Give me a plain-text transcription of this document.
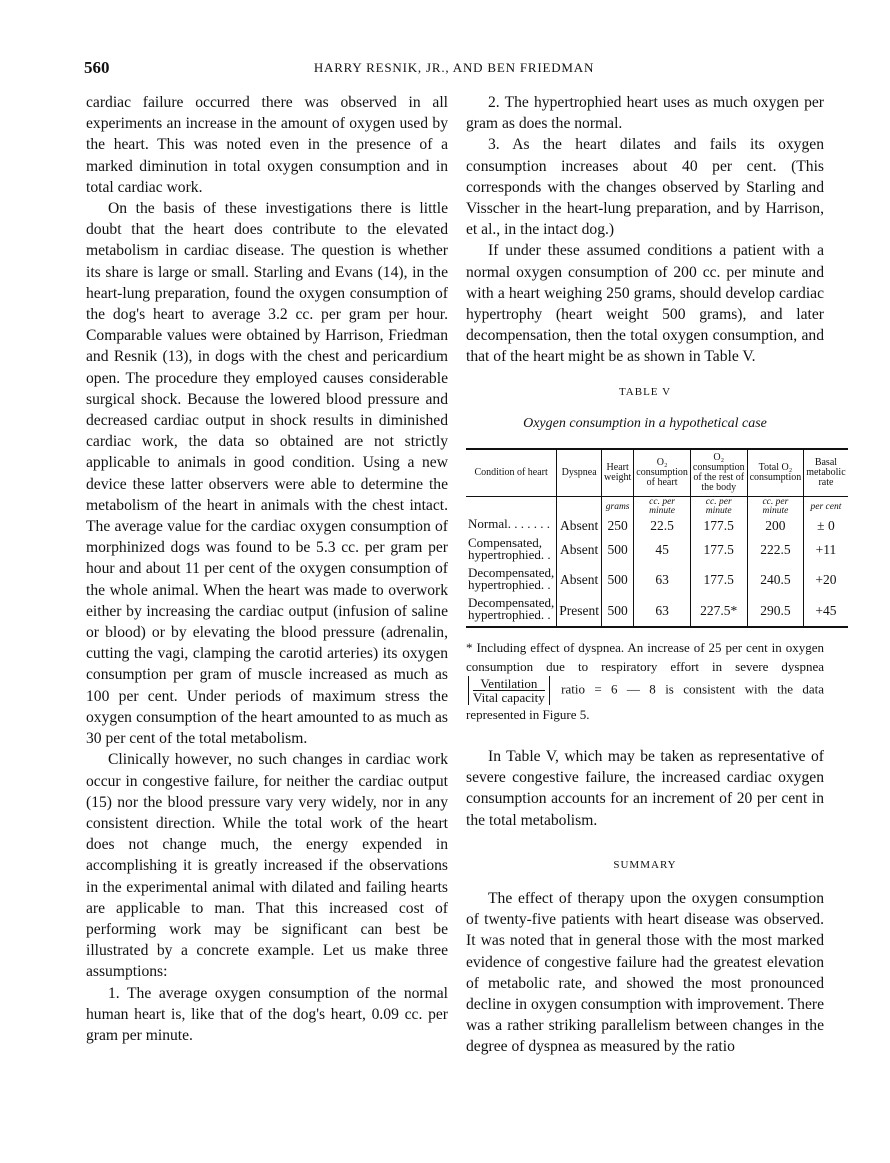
560	HARRY RESNIK, JR., AND BEN FRIEDMAN

cardiac failure occurred there was observed in all experiments an increase in the amount of oxygen used by the heart. This was noted even in the presence of a marked diminution in total oxygen consumption and in total cardiac work.

On the basis of these investigations there is little doubt that the heart does contribute to the elevated metabolism in cardiac disease. The question is whether its share is large or small. Starling and Evans (14), in the heart-lung preparation, found the oxygen consumption of the dog's heart to average 3.2 cc. per gram per hour. Comparable values were obtained by Harrison, Friedman and Resnik (13), in dogs with the chest and pericardium open. The procedure they employed causes considerable surgical shock. Because the lowered blood pressure and decreased cardiac output in shock results in diminished cardiac work, the data so obtained are not strictly applicable to animals in good condition. Using a new device these latter observers were able to determine the metabolism of the heart in animals with the chest intact. The average value for the cardiac oxygen consumption of morphinized dogs was found to be 5.3 cc. per gram per hour and about 11 per cent of the oxygen consumption of the whole animal. When the heart was made to overwork either by increasing the cardiac output (infusion of saline or blood) or by elevating the blood pressure (adrenalin, cutting the vagi, clamping the carotid arteries) its oxygen consumption per gram of muscle increased as much as 100 per cent. Under periods of maximum stress the oxygen consumption of the heart amounted to as much as 30 per cent of the total metabolism.

Clinically however, no such changes in cardiac work occur in congestive failure, for neither the cardiac output (15) nor the blood pressure vary very widely, nor in any consistent direction. While the total work of the heart does not change much, the energy expended in accomplishing it is greatly increased if the observations in the experimental animal with dilated and failing hearts are applicable to man. That this increased cost of performing work may be significant can best be illustrated by a concrete example. Let us make three assumptions:

1. The average oxygen consumption of the normal human heart is, like that of the dog's heart, 0.09 cc. per gram per minute.

2. The hypertrophied heart uses as much oxygen per gram as does the normal.

3. As the heart dilates and fails its oxygen consumption increases about 40 per cent. (This corresponds with the changes observed by Starling and Visscher in the heart-lung preparation, and by Harrison, et al., in the intact dog.)

If under these assumed conditions a patient with a normal oxygen consumption of 200 cc. per minute and with a heart weighing 250 grams, should develop cardiac hypertrophy (heart weight 500 grams), and later decompensation, then the total oxygen consumption, and that of the heart might be as shown in Table V.

TABLE V
Oxygen consumption in a hypothetical case
Condition of heart	Dyspnea	Heart weight	O₂ consumption of heart	O₂ consumption of the rest of the body	Total O₂ consumption	Basal metabolic rate
		grams	cc. per minute	cc. per minute	cc. per minute	per cent
Normal. . . . . . .	Absent	250	22.5	177.5	200	± 0
Compensated,
hypertrophied. .	Absent	500	45	177.5	222.5	+11
Decompensated,
hypertrophied. .	Absent	500	63	177.5	240.5	+20
Decompensated,
hypertrophied. .	Present	500	63	227.5*	290.5	+45
* Including effect of dyspnea. An increase of 25 per cent in oxygen consumption due to respiratory effort in severe dyspnea
$\frac{\text{Ventilation}}{\text{Vital capacity}}$ ratio = 6 — 8 is consistent with the data represented in Figure 5.

In Table V, which may be taken as representative of severe congestive failure, the increased cardiac oxygen consumption accounts for an increment of 20 per cent in the total metabolism.

SUMMARY

The effect of therapy upon the oxygen consumption of twenty-five patients with heart disease was observed. It was noted that in general those with the most marked evidence of congestive failure had the greatest elevation of metabolic rate, and showed the most pronounced decline in oxygen consumption with improvement. There was a rather striking parallelism between changes in the degree of dyspnea as measured by the ratio
